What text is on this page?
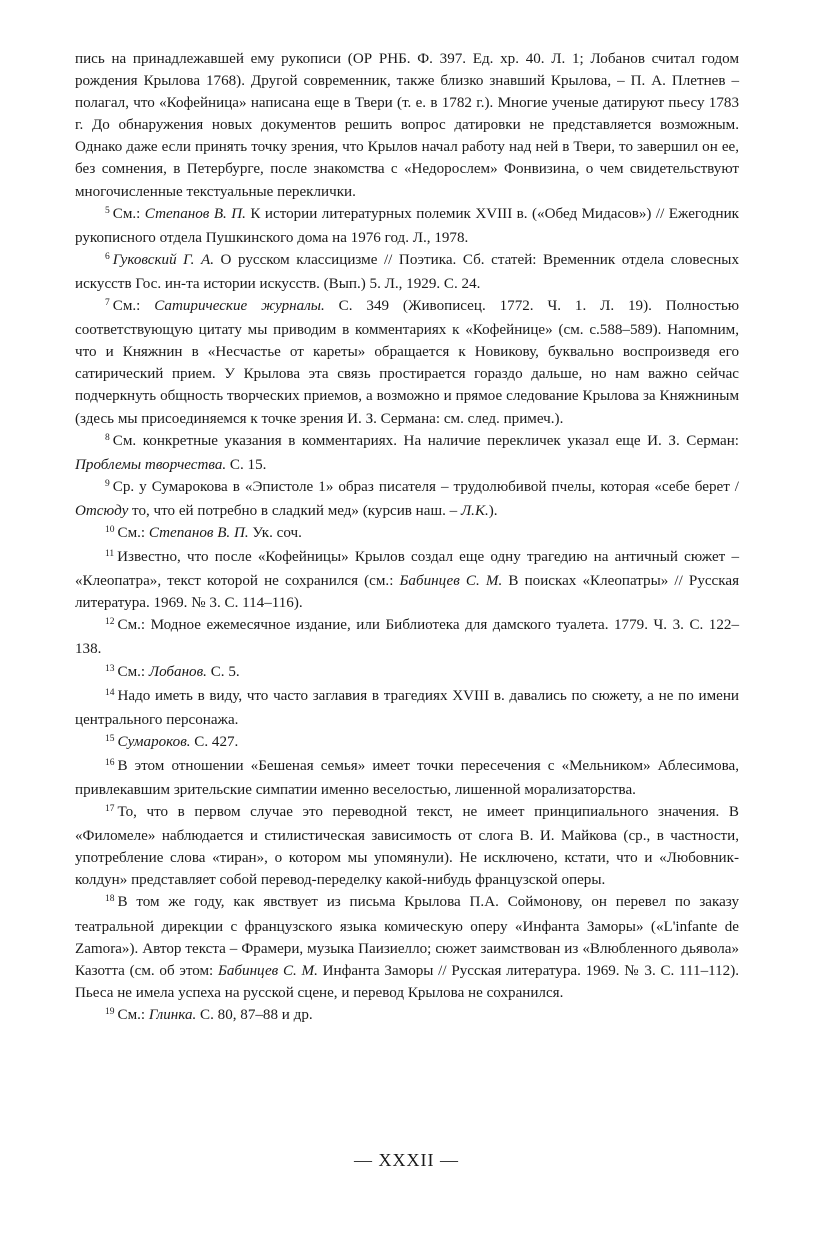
пись на принадлежавшей ему рукописи (ОР РНБ. Ф. 397. Ед. хр. 40. Л. 1; Лобанов считал годом рождения Крылова 1768). Другой современник, также близко знавший Крылова, – П. А. Плетнев – полагал, что «Кофейница» написана еще в Твери (т. е. в 1782 г.). Многие ученые датируют пьесу 1783 г. До обнаружения новых документов решить вопрос датировки не представляется возможным. Однако даже если принять точку зрения, что Крылов начал работу над ней в Твери, то завершил он ее, без сомнения, в Петербурге, после знакомства с «Недорослем» Фонвизина, о чем свидетельствуют многочисленные текстуальные переклички.

$^5$ См.: Степанов В. П. К истории литературных полемик XVIII в. («Обед Мидасов») // Ежегодник рукописного отдела Пушкинского дома на 1976 год. Л., 1978.

$^6$ Гуковский Г. А. О русском классицизме // Поэтика. Сб. статей: Временник отдела словесных искусств Гос. ин-та истории искусств. (Вып.) 5. Л., 1929. С. 24.

$^7$ См.: Сатирические журналы. С. 349 (Живописец. 1772. Ч. 1. Л. 19). Полностью соответствующую цитату мы приводим в комментариях к «Кофейнице» (см. с.588–589). Напомним, что и Княжнин в «Несчастье от кареты» обращается к Новикову, буквально воспроизведя его сатирический прием. У Крылова эта связь простирается гораздо дальше, но нам важно сейчас подчеркнуть общность творческих приемов, а возможно и прямое следование Крылова за Княжниным (здесь мы присоединяемся к точке зрения И. З. Сермана: см. след. примеч.).

$^8$ См. конкретные указания в комментариях. На наличие перекличек указал еще И. З. Серман: Проблемы творчества. С. 15.

$^9$ Ср. у Сумарокова в «Эпистоле 1» образ писателя – трудолюбивой пчелы, которая «себе берет / Отсюду то, что ей потребно в сладкий мед» (курсив наш. – Л.К.).

$^{10}$ См.: Степанов В. П. Ук. соч.

$^{11}$ Известно, что после «Кофейницы» Крылов создал еще одну трагедию на античный сюжет – «Клеопатра», текст которой не сохранился (см.: Бабинцев С. М. В поисках «Клеопатры» // Русская литература. 1969. № 3. С. 114–116).

$^{12}$ См.: Модное ежемесячное издание, или Библиотека для дамского туалета. 1779. Ч. 3. С. 122–138.

$^{13}$ См.: Лобанов. С. 5.

$^{14}$ Надо иметь в виду, что часто заглавия в трагедиях XVIII в. давались по сюжету, а не по имени центрального персонажа.

$^{15}$ Сумароков. С. 427.

$^{16}$ В этом отношении «Бешеная семья» имеет точки пересечения с «Мельником» Аблесимова, привлекавшим зрительские симпатии именно веселостью, лишенной морализаторства.

$^{17}$ То, что в первом случае это переводной текст, не имеет принципиального значения. В «Филомеле» наблюдается и стилистическая зависимость от слога В. И. Майкова (ср., в частности, употребление слова «тиран», о котором мы упомянули). Не исключено, кстати, что и «Любовник-колдун» представляет собой перевод-переделку какой-нибудь французской оперы.

$^{18}$ В том же году, как явствует из письма Крылова П.А. Соймонову, он перевел по заказу театральной дирекции с французского языка комическую оперу «Инфанта Заморы» («L'infante de Zamora»). Автор текста – Фрамери, музыка Паизиелло; сюжет заимствован из «Влюбленного дьявола» Казотта (см. об этом: Бабинцев С. М. Инфанта Заморы // Русская литература. 1969. № 3. С. 111–112). Пьеса не имела успеха на русской сцене, и перевод Крылова не сохранился.

$^{19}$ См.: Глинка. С. 80, 87–88 и др.

— XXXII —
